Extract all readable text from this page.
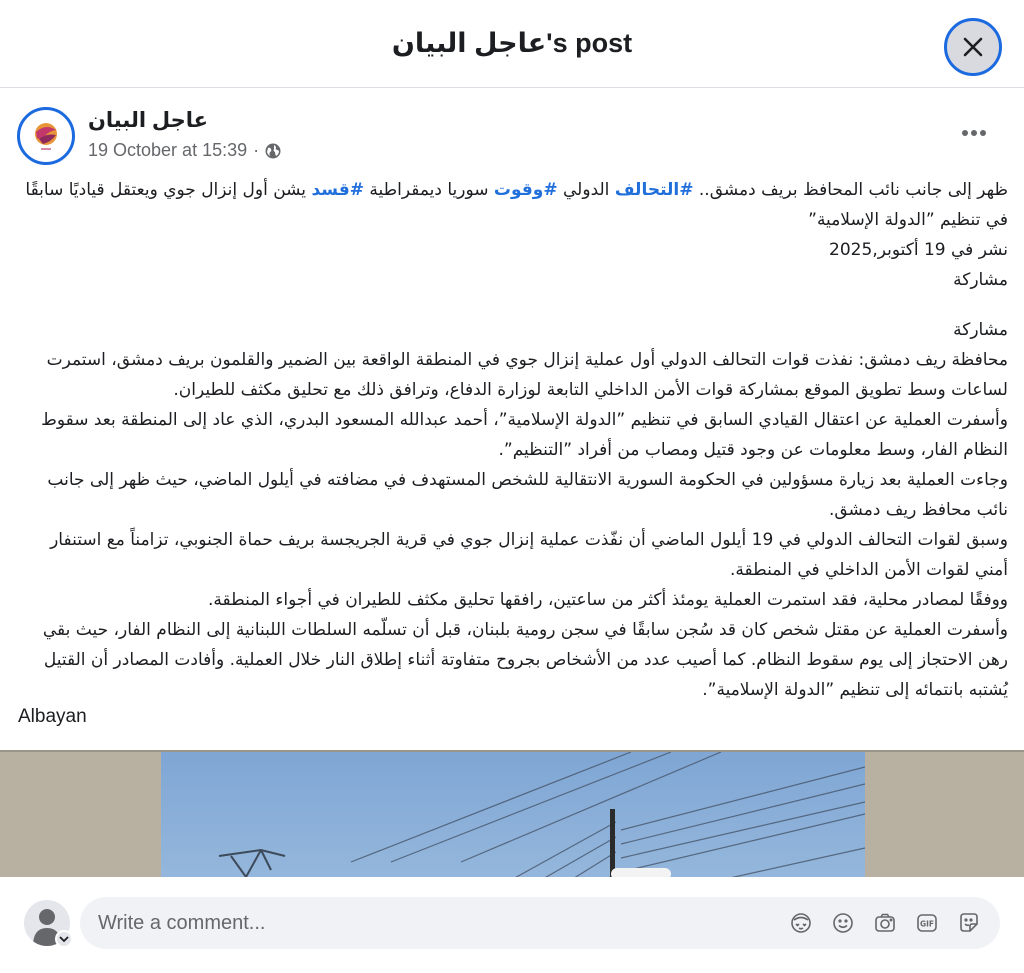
عاجل البيان's post
عاجل البيان
19 October at 15:39 ·

ظهر إلى جانب نائب المحافظ بريف دمشق.. #التحالف الدولي #وقوت سوريا ديمقراطية #قسد يشن أول إنزال جوي ويعتقل قياديًا سابقًا في تنظيم ”الدولة الإسلامية”

نشر في 19 أكتوبر,2025

مشاركة

مشاركة

محافظة ريف دمشق: نفذت قوات التحالف الدولي أول عملية إنزال جوي في المنطقة الواقعة بين الضمير والقلمون بريف دمشق، استمرت لساعات وسط تطويق الموقع بمشاركة قوات الأمن الداخلي التابعة لوزارة الدفاع، وترافق ذلك مع تحليق مكثف للطيران.

وأسفرت العملية عن اعتقال القيادي السابق في تنظيم ”الدولة الإسلامية”، أحمد عبدالله المسعود البدري، الذي عاد إلى المنطقة بعد سقوط النظام الفار، وسط معلومات عن وجود قتيل ومصاب من أفراد ”التنظيم”.

وجاءت العملية بعد زيارة مسؤولين في الحكومة السورية الانتقالية للشخص المستهدف في مضافته في أيلول الماضي، حيث ظهر إلى جانب نائب محافظ ريف دمشق.

وسبق لقوات التحالف الدولي في 19 أيلول الماضي أن نفّذت عملية إنزال جوي في قرية الجريجسة بريف حماة الجنوبي، تزامناً مع استنفار أمني لقوات الأمن الداخلي في المنطقة.

ووفقًا لمصادر محلية، فقد استمرت العملية يومئذ أكثر من ساعتين، رافقها تحليق مكثف للطيران في أجواء المنطقة.

وأسفرت العملية عن مقتل شخص كان قد سُجن سابقًا في سجن رومية بلبنان، قبل أن تسلّمه السلطات اللبنانية إلى النظام الفار، حيث بقي رهن الاحتجاز إلى يوم سقوط النظام. كما أصيب عدد من الأشخاص بجروح متفاوتة أثناء إطلاق النار خلال العملية. وأفادت المصادر أن القتيل يُشتبه بانتمائه إلى تنظيم ”الدولة الإسلامية”.

Albayan
Write a comment...
GIF
